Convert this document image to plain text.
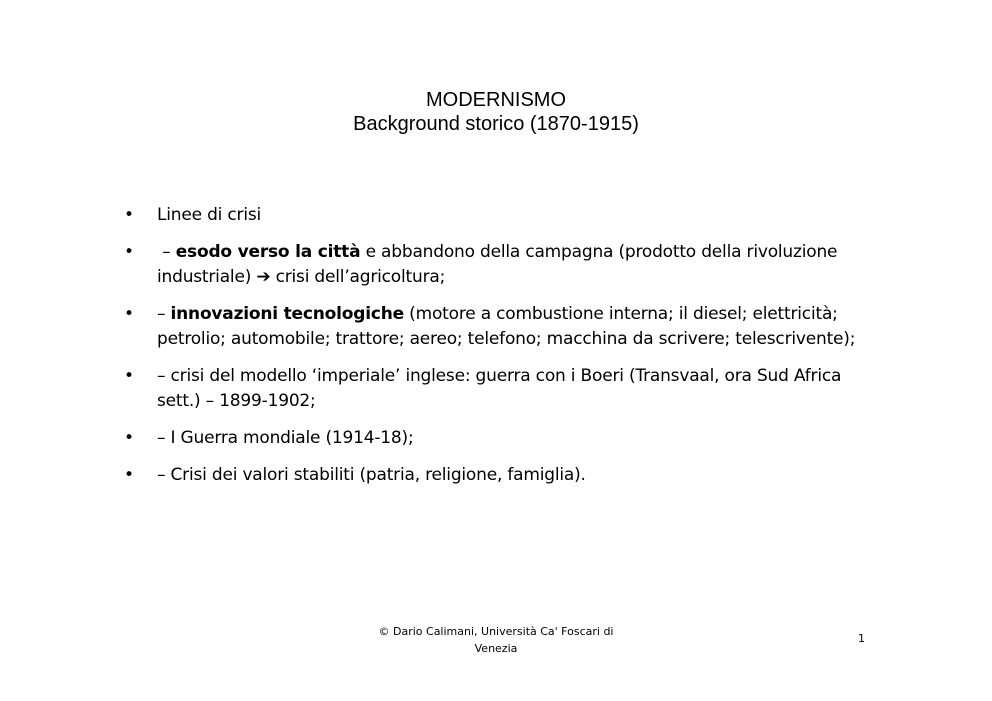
MODERNISMO
Background storico (1870-1915)
• Linee di crisi
• – esodo verso la città e abbandono della campagna (prodotto della rivoluzione industriale) ➔ crisi dell’agricoltura;
• – innovazioni tecnologiche (motore a combustione interna; il diesel; elettricità; petrolio; automobile; trattore; aereo; telefono; macchina da scrivere; telescrivente);
• – crisi del modello ‘imperiale’ inglese: guerra con i Boeri (Transvaal, ora Sud Africa sett.) – 1899-1902;
• – I Guerra mondiale (1914-18);
• – Crisi dei valori stabiliti (patria, religione, famiglia).
© Dario Calimani, Università Ca' Foscari di
Venezia
1
